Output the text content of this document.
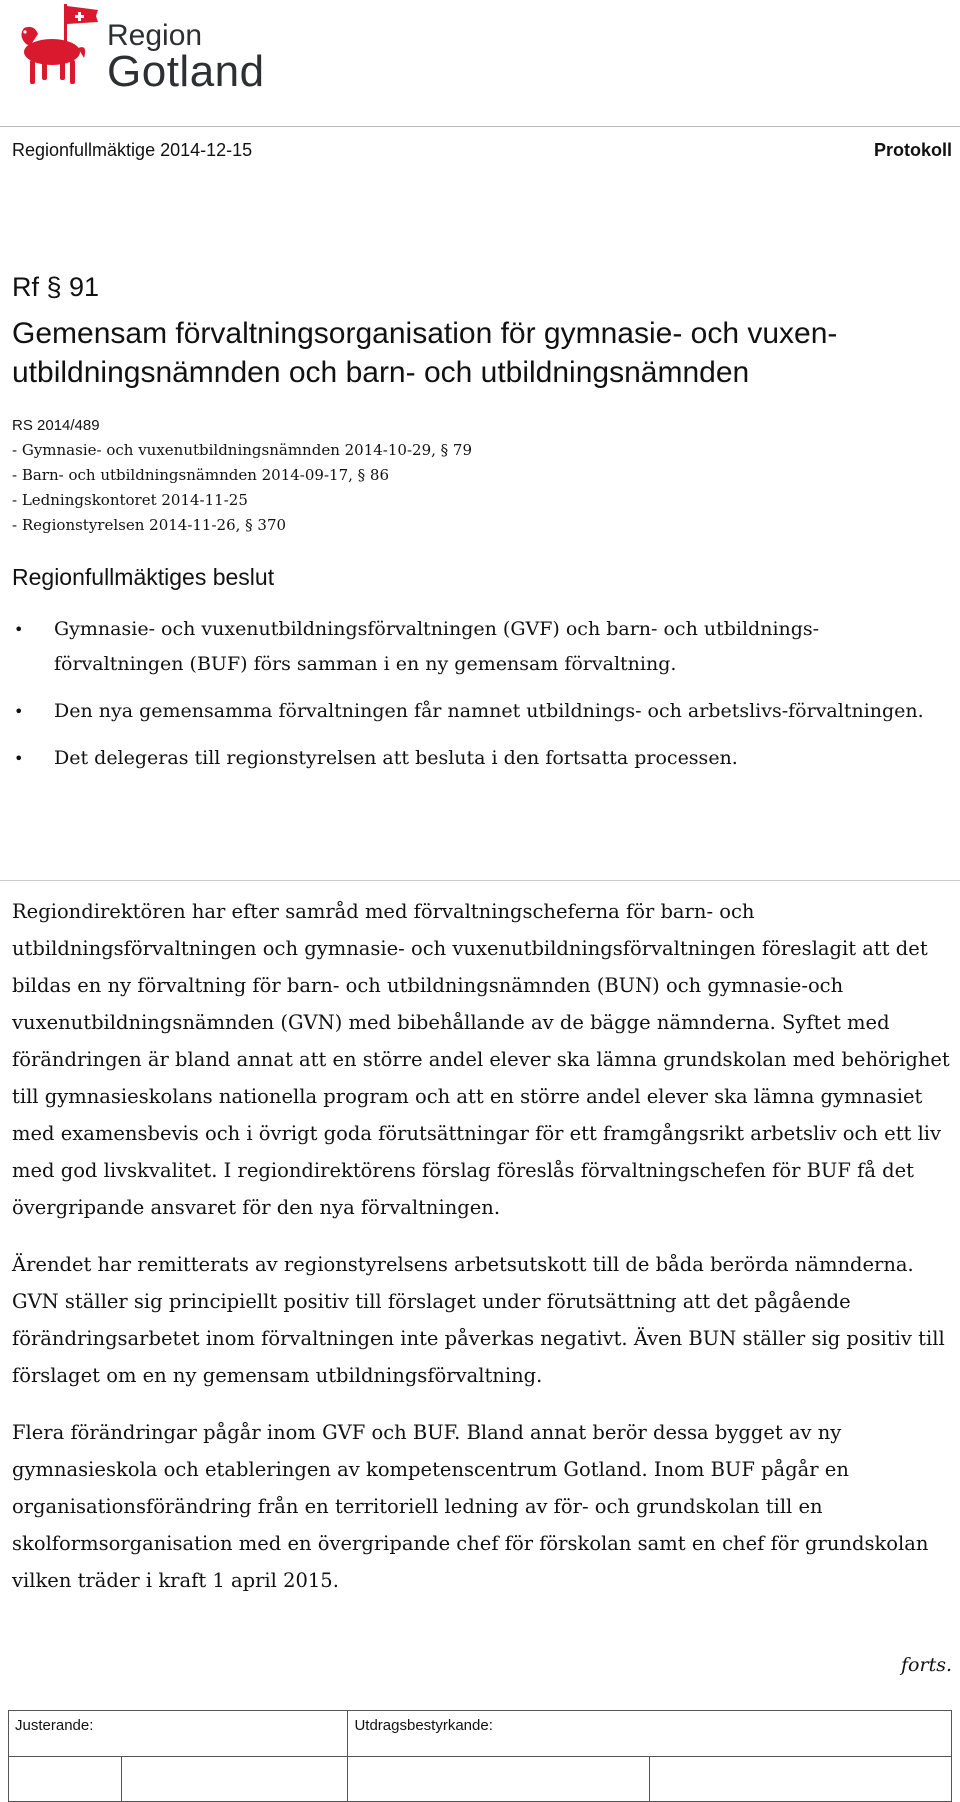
Region
Gotland
Regionfullmäktige 2014-12-15	Protokoll
Rf § 91
Gemensam förvaltningsorganisation för gymnasie- och vuxen-utbildningsnämnden och barn- och utbildningsnämnden
RS 2014/489
- Gymnasie- och vuxenutbildningsnämnden 2014-10-29, § 79
- Barn- och utbildningsnämnden 2014-09-17, § 86
- Ledningskontoret 2014-11-25
- Regionstyrelsen 2014-11-26, § 370
Regionfullmäktiges beslut
• Gymnasie- och vuxenutbildningsförvaltningen (GVF) och barn- och utbildnings-förvaltningen (BUF) förs samman i en ny gemensam förvaltning.
• Den nya gemensamma förvaltningen får namnet utbildnings- och arbetslivs-förvaltningen.
• Det delegeras till regionstyrelsen att besluta i den fortsatta processen.

Regiondirektören har efter samråd med förvaltningscheferna för barn- och utbildningsförvaltningen och gymnasie- och vuxenutbildningsförvaltningen föreslagit att det bildas en ny förvaltning för barn- och utbildningsnämnden (BUN) och gymnasie-och vuxenutbildningsnämnden (GVN) med bibehållande av de bägge nämnderna. Syftet med förändringen är bland annat att en större andel elever ska lämna grundskolan med behörighet till gymnasieskolans nationella program och att en större andel elever ska lämna gymnasiet med examensbevis och i övrigt goda förutsättningar för ett framgångsrikt arbetsliv och ett liv med god livskvalitet. I regiondirektörens förslag föreslås förvaltningschefen för BUF få det övergripande ansvaret för den nya förvaltningen.

Ärendet har remitterats av regionstyrelsens arbetsutskott till de båda berörda nämnderna. GVN ställer sig principiellt positiv till förslaget under förutsättning att det pågående förändringsarbetet inom förvaltningen inte påverkas negativt. Även BUN ställer sig positiv till förslaget om en ny gemensam utbildningsförvaltning.

Flera förändringar pågår inom GVF och BUF. Bland annat berör dessa bygget av ny gymnasieskola och etableringen av kompetenscentrum Gotland. Inom BUF pågår en organisationsförändring från en territoriell ledning av för- och grundskolan till en skolformsorganisation med en övergripande chef för förskolan samt en chef för grundskolan vilken träder i kraft 1 april 2015.

forts.
Justerande:		Utdragsbestyrkande:	
